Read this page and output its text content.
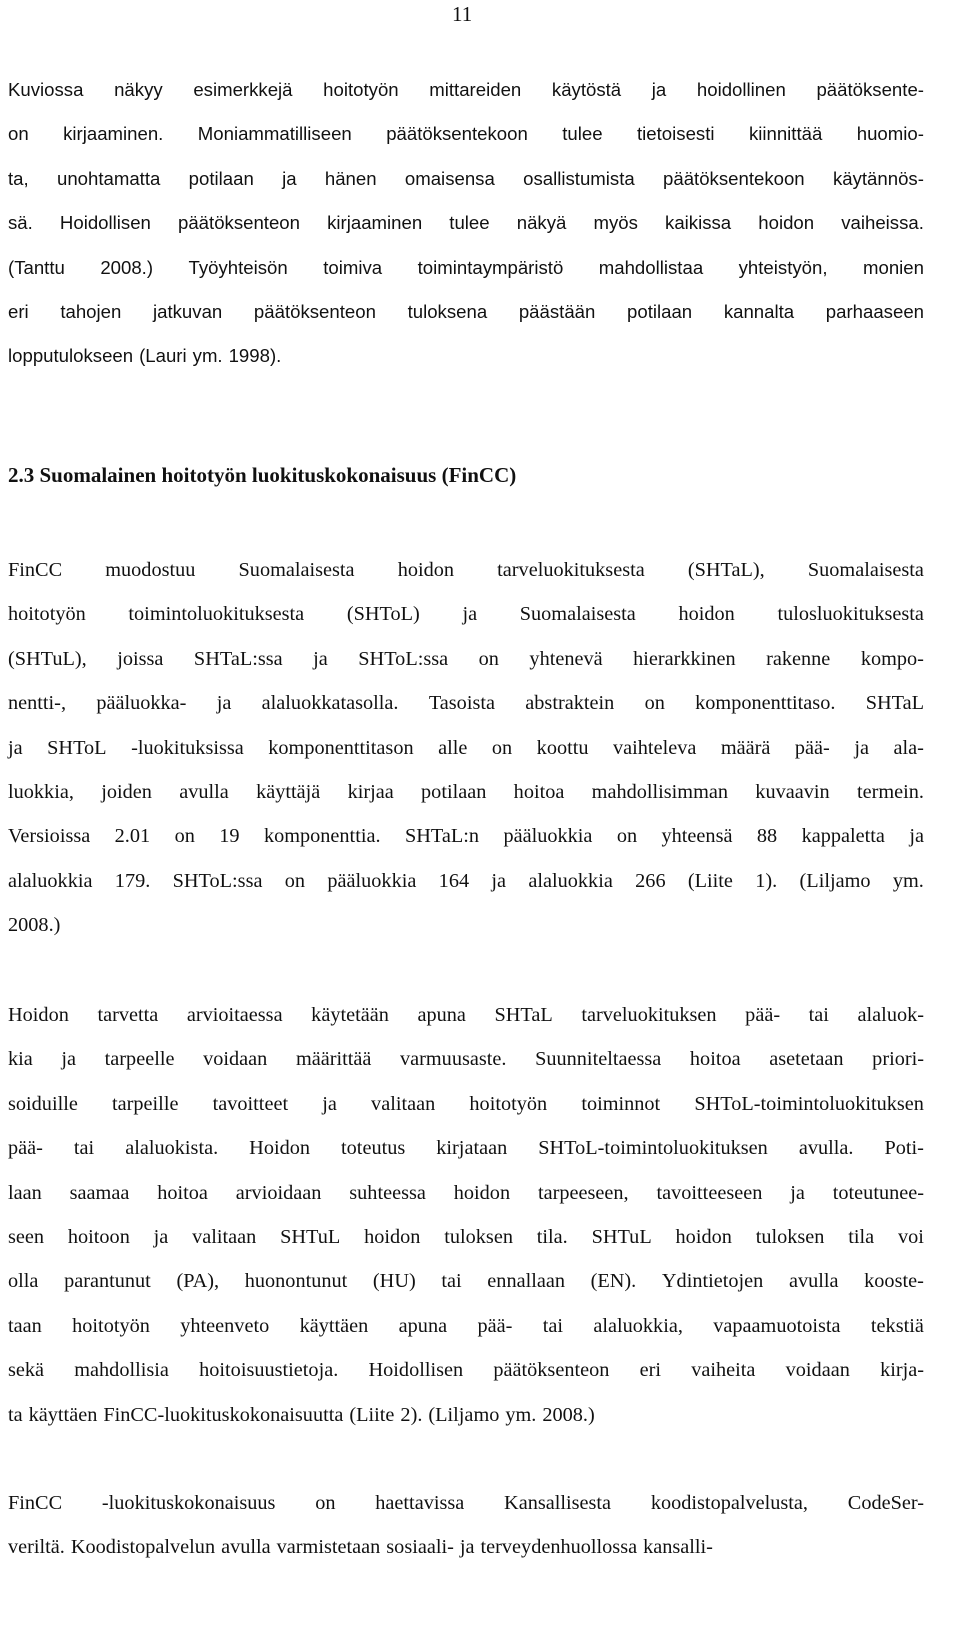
11
Kuviossa näkyy esimerkkejä hoitotyön mittareiden käytöstä ja hoidollinen päätöksente-
on kirjaaminen. Moniammatilliseen päätöksentekoon tulee tietoisesti kiinnittää huomio-
ta, unohtamatta potilaan ja hänen omaisensa osallistumista päätöksentekoon käytännös-
sä. Hoidollisen päätöksenteon kirjaaminen tulee näkyä myös kaikissa hoidon vaiheissa.
(Tanttu 2008.) Työyhteisön toimiva toimintaympäristö mahdollistaa yhteistyön, monien
eri tahojen jatkuvan päätöksenteon tuloksena päästään potilaan kannalta parhaaseen
lopputulokseen (Lauri ym. 1998).
2.3 Suomalainen hoitotyön luokituskokonaisuus (FinCC)
FinCC muodostuu Suomalaisesta hoidon tarveluokituksesta (SHTaL), Suomalaisesta
hoitotyön toimintoluokituksesta (SHToL) ja Suomalaisesta hoidon tulosluokituksesta
(SHTuL), joissa SHTaL:ssa ja SHToL:ssa on yhtenevä hierarkkinen rakenne kompo-
nentti-, pääluokka- ja alaluokkatasolla. Tasoista abstraktein on komponenttitaso. SHTaL
ja SHToL -luokituksissa komponenttitason alle on koottu vaihteleva määrä pää- ja ala-
luokkia, joiden avulla käyttäjä kirjaa potilaan hoitoa mahdollisimman kuvaavin termein.
Versioissa 2.01 on 19 komponenttia. SHTaL:n pääluokkia on yhteensä 88 kappaletta ja
alaluokkia 179. SHToL:ssa on pääluokkia 164 ja alaluokkia 266 (Liite 1). (Liljamo ym.
2008.)
Hoidon tarvetta arvioitaessa käytetään apuna SHTaL tarveluokituksen pää- tai alaluok-
kia ja tarpeelle voidaan määrittää varmuusaste. Suunniteltaessa hoitoa asetetaan priori-
soiduille tarpeille tavoitteet ja valitaan hoitotyön toiminnot SHToL-toimintoluokituksen
pää- tai alaluokista. Hoidon toteutus kirjataan SHToL-toimintoluokituksen avulla. Poti-
laan saamaa hoitoa arvioidaan suhteessa hoidon tarpeeseen, tavoitteeseen ja toteutunee-
seen hoitoon ja valitaan SHTuL hoidon tuloksen tila. SHTuL hoidon tuloksen tila voi
olla parantunut (PA), huonontunut (HU) tai ennallaan (EN). Ydintietojen avulla kooste-
taan hoitotyön yhteenveto käyttäen apuna pää- tai alaluokkia, vapaamuotoista tekstiä
sekä mahdollisia hoitoisuustietoja. Hoidollisen päätöksenteon eri vaiheita voidaan kirja-
ta käyttäen FinCC-luokituskokonaisuutta (Liite 2). (Liljamo ym. 2008.)
FinCC -luokituskokonaisuus on haettavissa Kansallisesta koodistopalvelusta, CodeSer-
veriltä. Koodistopalvelun avulla varmistetaan sosiaali- ja terveydenhuollossa kansalli-
